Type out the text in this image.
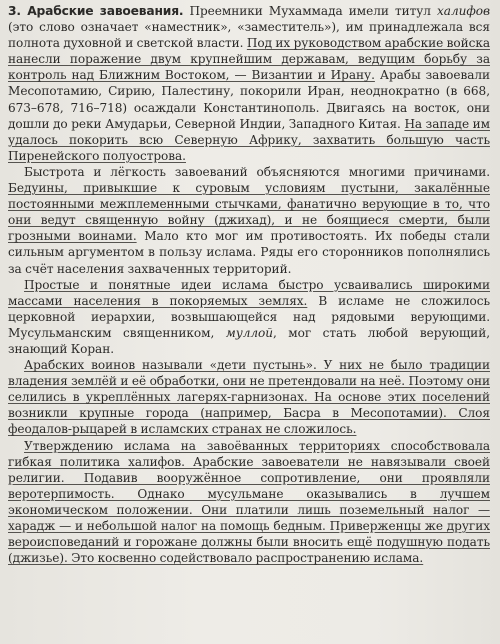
3. Арабские завоевания. Преемники Мухаммада имели титул халифов (это слово означает «наместник», «заместитель»), им принадлежала вся полнота духовной и светской власти. Под их руководством арабские войска нанесли поражение двум крупнейшим державам, ведущим борьбу за контроль над Ближним Востоком, — Византии и Ирану. Арабы завоевали Месопотамию, Сирию, Палестину, покорили Иран, неоднократно (в 668, 673–678, 716–718) осаждали Константинополь. Двигаясь на восток, они дошли до реки Амударьи, Северной Индии, Западного Китая. На западе им удалось покорить всю Северную Африку, захватить большую часть Пиренейского полуострова.

Быстрота и лёгкость завоеваний объясняются многими причинами. Бедуины, привыкшие к суровым условиям пустыни, закалённые постоянными межплеменными стычками, фанатично верующие в то, что они ведут священную войну (джихад), и не боящиеся смерти, были грозными воинами. Мало кто мог им противостоять. Их победы стали сильным аргументом в пользу ислама. Ряды его сторонников пополнялись за счёт населения захваченных территорий.

Простые и понятные идеи ислама быстро усваивались широкими массами населения в покоряемых землях. В исламе не сложилось церковной иерархии, возвышающейся над рядовыми верующими. Мусульманским священником, муллой, мог стать любой верующий, знающий Коран.

Арабских воинов называли «дети пустынь». У них не было традиции владения землёй и её обработки, они не претендовали на неё. Поэтому они селились в укреплённых лагерях-гарнизонах. На основе этих поселений возникли крупные города (например, Басра в Месопотамии). Слоя феодалов-рыцарей в исламских странах не сложилось.

Утверждению ислама на завоёванных территориях способствовала гибкая политика халифов. Арабские завоеватели не навязывали своей религии. Подавив вооружённое сопротивление, они проявляли веротерпимость. Однако мусульмане оказывались в лучшем экономическом положении. Они платили лишь поземельный налог — харадж — и небольшой налог на помощь бедным. Приверженцы же других вероисповеданий и горожане должны были вносить ещё подушную подать (джизье). Это косвенно содействовало распространению ислама.
